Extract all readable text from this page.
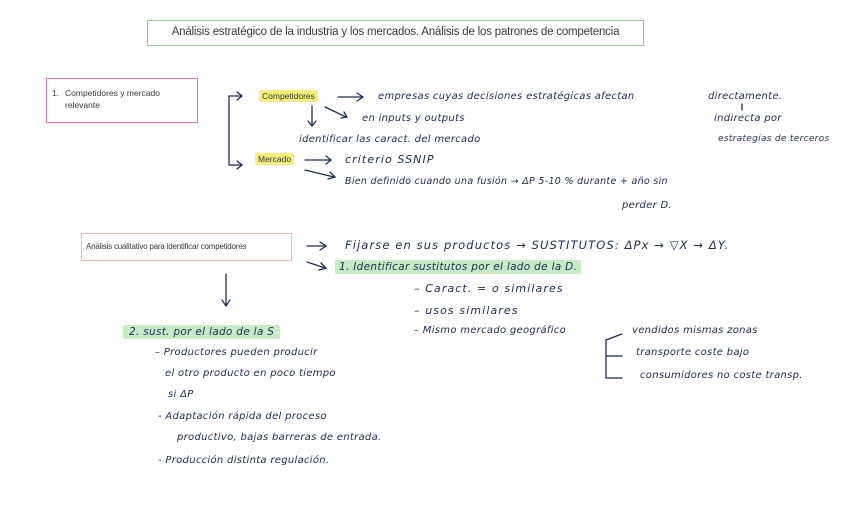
Análisis estratégico de la industria y los mercados. Análisis de los patrones de competencia
1. Competidores y mercado relevante
Competidores	empresas cuyas decisiones estratégicas afectan	directamente.
en inputs y outputs	indirecta por
identificar las caract. del mercado	estrategias de terceros
Mercado	criterio SSNIP
Bien definido cuando una fusión → ΔP 5-10 % durante + año sin
perder D.
Análisis cualitativo para identificar competidores	Fijarse en sus productos → SUSTITUTOS: ΔPx → ▽X → ΔY.
1. Identificar sustitutos por el lado de la D.
– Caract. = o similares
– usos similares
– Mismo mercado geográfico	vendidos mismas zonas
transporte coste bajo
consumidores no coste transp.
2. sust. por el lado de la S
– Productores pueden producir
el otro producto en poco tiempo
si ΔP
- Adaptación rápida del proceso
productivo, bajas barreras de entrada.
- Producción distinta regulación.
